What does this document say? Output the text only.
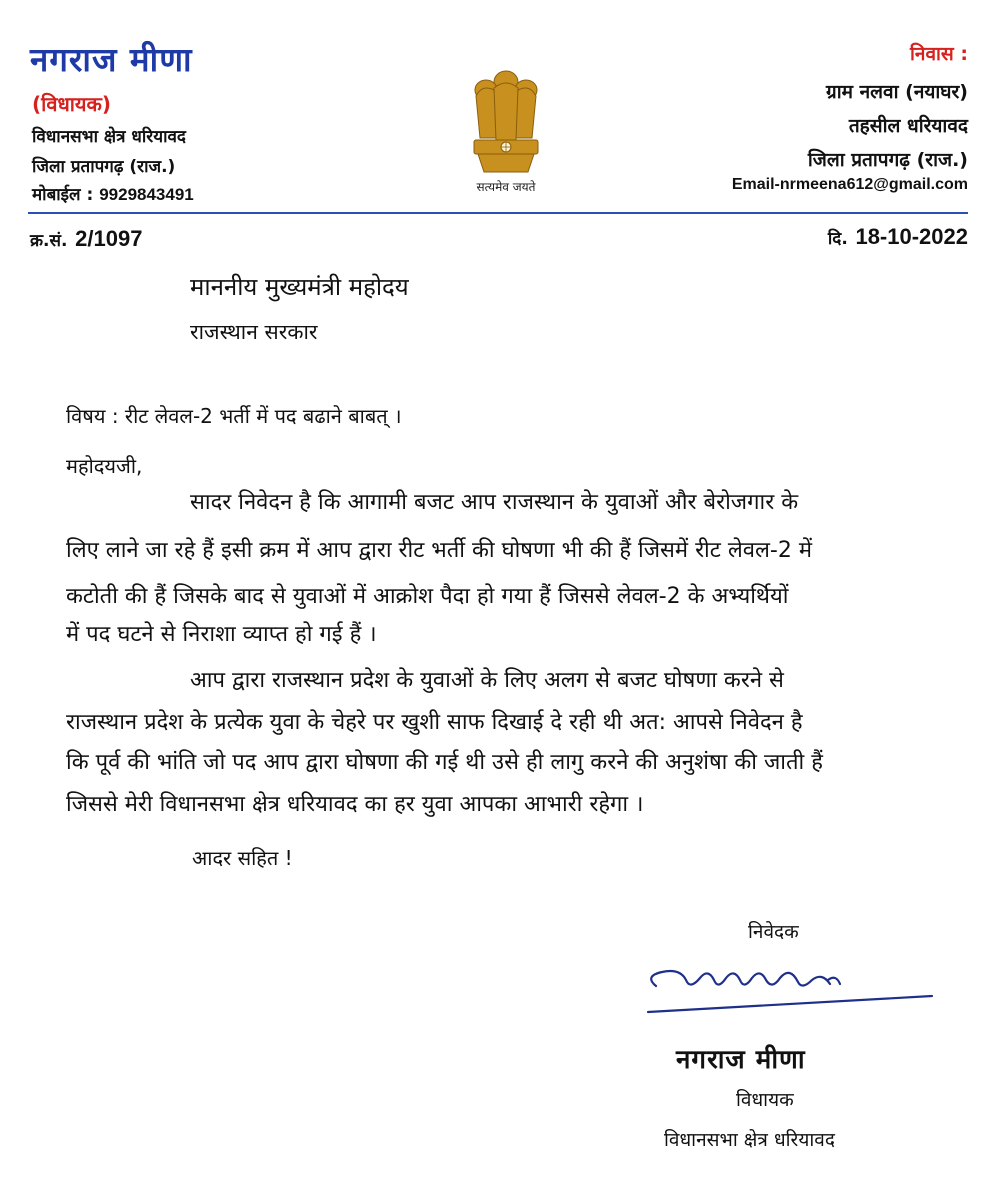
नगराज मीणा
(विधायक)
विधानसभा क्षेत्र धरियावद
जिला प्रतापगढ़ (राज.)
मोबाईल : 9929843491	सत्यमेव जयते
निवास :
ग्राम नलवा (नयाघर)
तहसील धरियावद
जिला प्रतापगढ़ (राज.)
Email-nrmeena612@gmail.com
क्र.सं. 2/1097	दि. 18-10-2022
माननीय मुख्यमंत्री महोदय
राजस्थान सरकार
विषय : रीट लेवल-2 भर्ती में पद बढाने बाबत् ।
महोदयजी,
सादर निवेदन है कि आगामी बजट आप राजस्थान के युवाओं और बेरोजगार के
लिए लाने जा रहे हैं इसी क्रम में आप द्वारा रीट भर्ती की घोषणा भी की हैं जिसमें रीट लेवल-2 में
कटोती की हैं जिसके बाद से युवाओं में आक्रोश पैदा हो गया हैं जिससे लेवल-2 के अभ्यर्थियों
में पद घटने से निराशा व्याप्त हो गई हैं ।
आप द्वारा राजस्थान प्रदेश के युवाओं के लिए अलग से बजट घोषणा करने से
राजस्थान प्रदेश के प्रत्येक युवा के चेहरे पर खुशी साफ दिखाई दे रही थी अत: आपसे निवेदन है
कि पूर्व की भांति जो पद आप द्वारा घोषणा की गई थी उसे ही लागु करने की अनुशंषा की जाती हैं
जिससे मेरी विधानसभा क्षेत्र धरियावद का हर युवा आपका आभारी रहेगा ।
आदर सहित !
निवेदक
नगराज मीणा
विधायक
विधानसभा क्षेत्र धरियावद
